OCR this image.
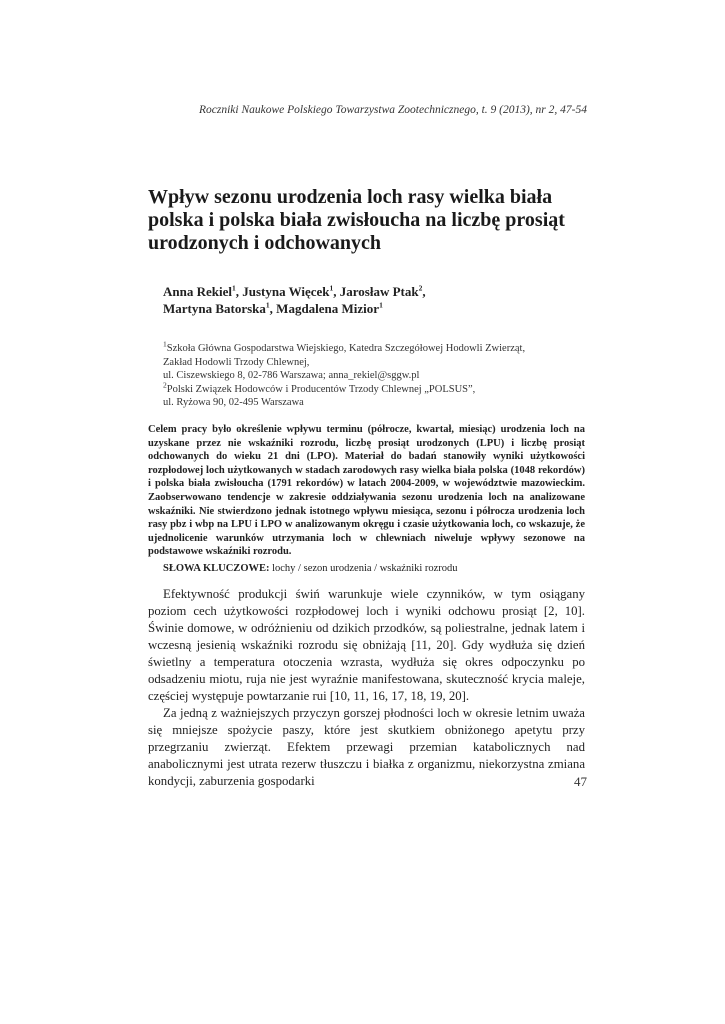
Roczniki Naukowe Polskiego Towarzystwa Zootechnicznego, t. 9 (2013), nr 2, 47-54
Wpływ sezonu urodzenia loch rasy wielka biała polska i polska biała zwisłoucha na liczbę prosiąt urodzonych i odchowanych
Anna Rekiel$^1$, Justyna Więcek$^1$, Jarosław Ptak$^2$,
Martyna Batorska$^1$, Magdalena Mizior$^1$
$^1$Szkoła Główna Gospodarstwa Wiejskiego, Katedra Szczegółowej Hodowli Zwierząt,
Zakład Hodowli Trzody Chlewnej,
ul. Ciszewskiego 8, 02-786 Warszawa; anna_rekiel@sggw.pl
$^2$Polski Związek Hodowców i Producentów Trzody Chlewnej „POLSUS”,
ul. Ryżowa 90, 02-495 Warszawa

Celem pracy było określenie wpływu terminu (półrocze, kwartał, miesiąc) urodzenia loch na uzyskane przez nie wskaźniki rozrodu, liczbę prosiąt urodzonych (LPU) i liczbę prosiąt odchowanych do wieku 21 dni (LPO). Materiał do badań stanowiły wyniki użytkowości rozpłodowej loch użytkowanych w stadach zarodowych rasy wielka biała polska (1048 rekordów) i polska biała zwisłoucha (1791 rekordów) w latach 2004-2009, w województwie mazowieckim. Zaobserwowano tendencje w zakresie oddziaływania sezonu urodzenia loch na analizowane wskaźniki. Nie stwierdzono jednak istotnego wpływu miesiąca, sezonu i półrocza urodzenia loch rasy pbz i wbp na LPU i LPO w analizowanym okręgu i czasie użytkowania loch, co wskazuje, że ujednolicenie warunków utrzymania loch w chlewniach niweluje wpływy sezonowe na podstawowe wskaźniki rozrodu.

SŁOWA KLUCZOWE: lochy / sezon urodzenia / wskaźniki rozrodu

Efektywność produkcji świń warunkuje wiele czynników, w tym osiągany poziom cech użytkowości rozpłodowej loch i wyniki odchowu prosiąt [2, 10]. Świnie domowe, w odróżnieniu od dzikich przodków, są poliestralne, jednak latem i wczesną jesienią wskaźniki rozrodu się obniżają [11, 20]. Gdy wydłuża się dzień świetlny a temperatura otoczenia wzrasta, wydłuża się okres odpoczynku po odsadzeniu miotu, ruja nie jest wyraźnie manifestowana, skuteczność krycia maleje, częściej występuje powtarzanie rui [10, 11, 16, 17, 18, 19, 20].

Za jedną z ważniejszych przyczyn gorszej płodności loch w okresie letnim uważa się mniejsze spożycie paszy, które jest skutkiem obniżonego apetytu przy przegrzaniu zwierząt. Efektem przewagi przemian katabolicznych nad anabolicznymi jest utrata rezerw tłuszczu i białka z organizmu, niekorzystna zmiana kondycji, zaburzenia gospodarki	47
